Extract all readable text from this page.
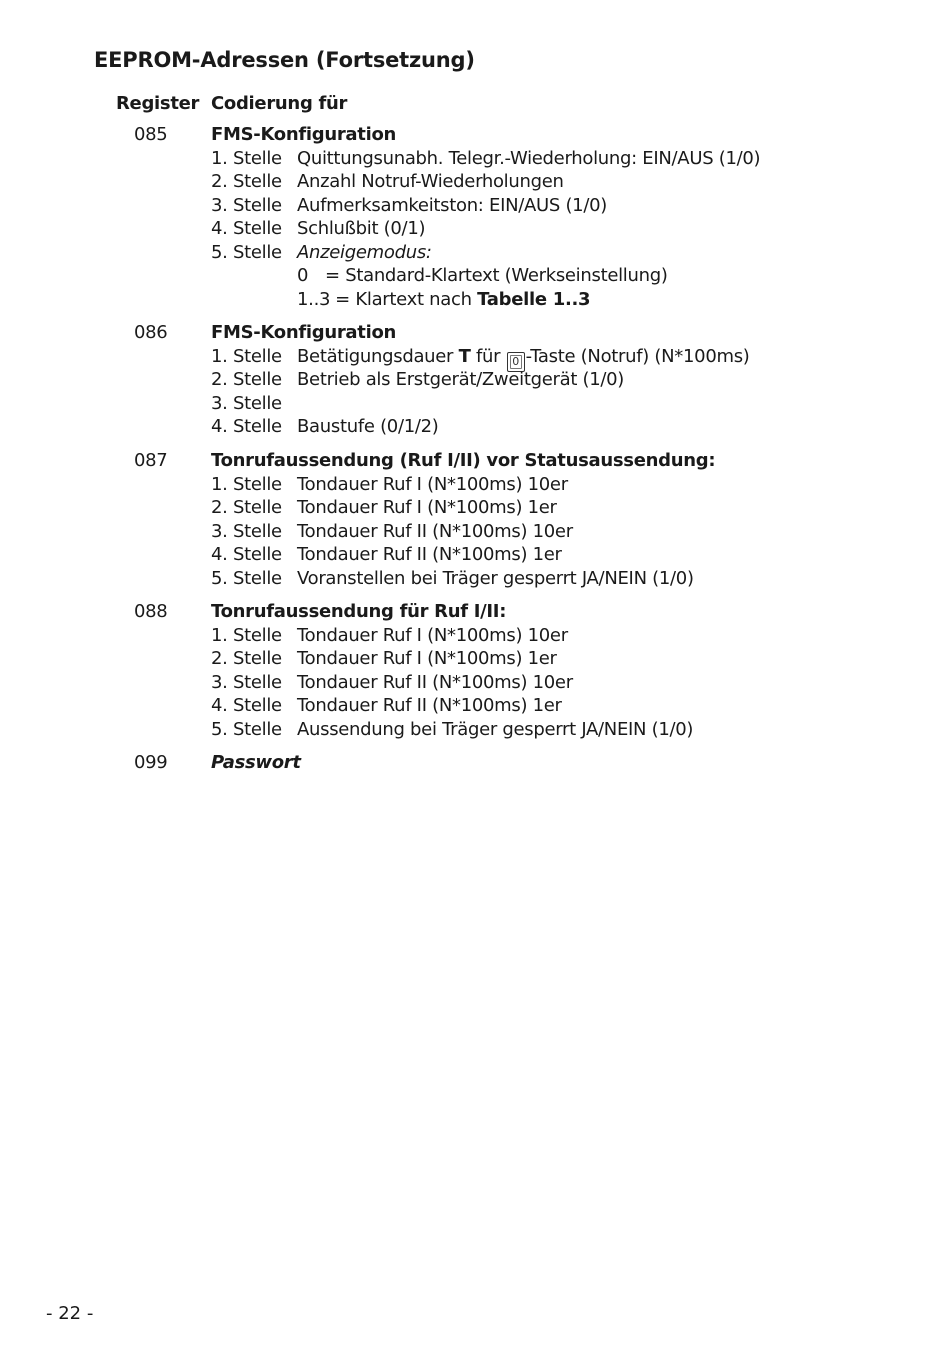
EEPROM-Adressen (Fortsetzung)
Register Codierung für
085 FMS-Konfiguration
1. Stelle Quittungsunabh. Telegr.-Wiederholung: EIN/AUS (1/0)
2. Stelle Anzahl Notruf-Wiederholungen
3. Stelle Aufmerksamkeitston: EIN/AUS (1/0)
4. Stelle Schlußbit (0/1)
5. Stelle Anzeigemodus:
0 = Standard-Klartext (Werkseinstellung)
1..3 = Klartext nach Tabelle 1..3
086 FMS-Konfiguration
1. Stelle Betätigungsdauer T für 0 -Taste (Notruf) (N*100ms)
2. Stelle Betrieb als Erstgerät/Zweitgerät (1/0)
3. Stelle
4. Stelle Baustufe (0/1/2)
087 Tonrufaussendung (Ruf I/II) vor Statusaussendung:
1. Stelle Tondauer Ruf I (N*100ms) 10er
2. Stelle Tondauer Ruf I (N*100ms) 1er
3. Stelle Tondauer Ruf II (N*100ms) 10er
4. Stelle Tondauer Ruf II (N*100ms) 1er
5. Stelle Voranstellen bei Träger gesperrt JA/NEIN (1/0)
088 Tonrufaussendung für Ruf I/II:
1. Stelle Tondauer Ruf I (N*100ms) 10er
2. Stelle Tondauer Ruf I (N*100ms) 1er
3. Stelle Tondauer Ruf II (N*100ms) 10er
4. Stelle Tondauer Ruf II (N*100ms) 1er
5. Stelle Aussendung bei Träger gesperrt JA/NEIN (1/0)
099 Passwort
- 22 -
